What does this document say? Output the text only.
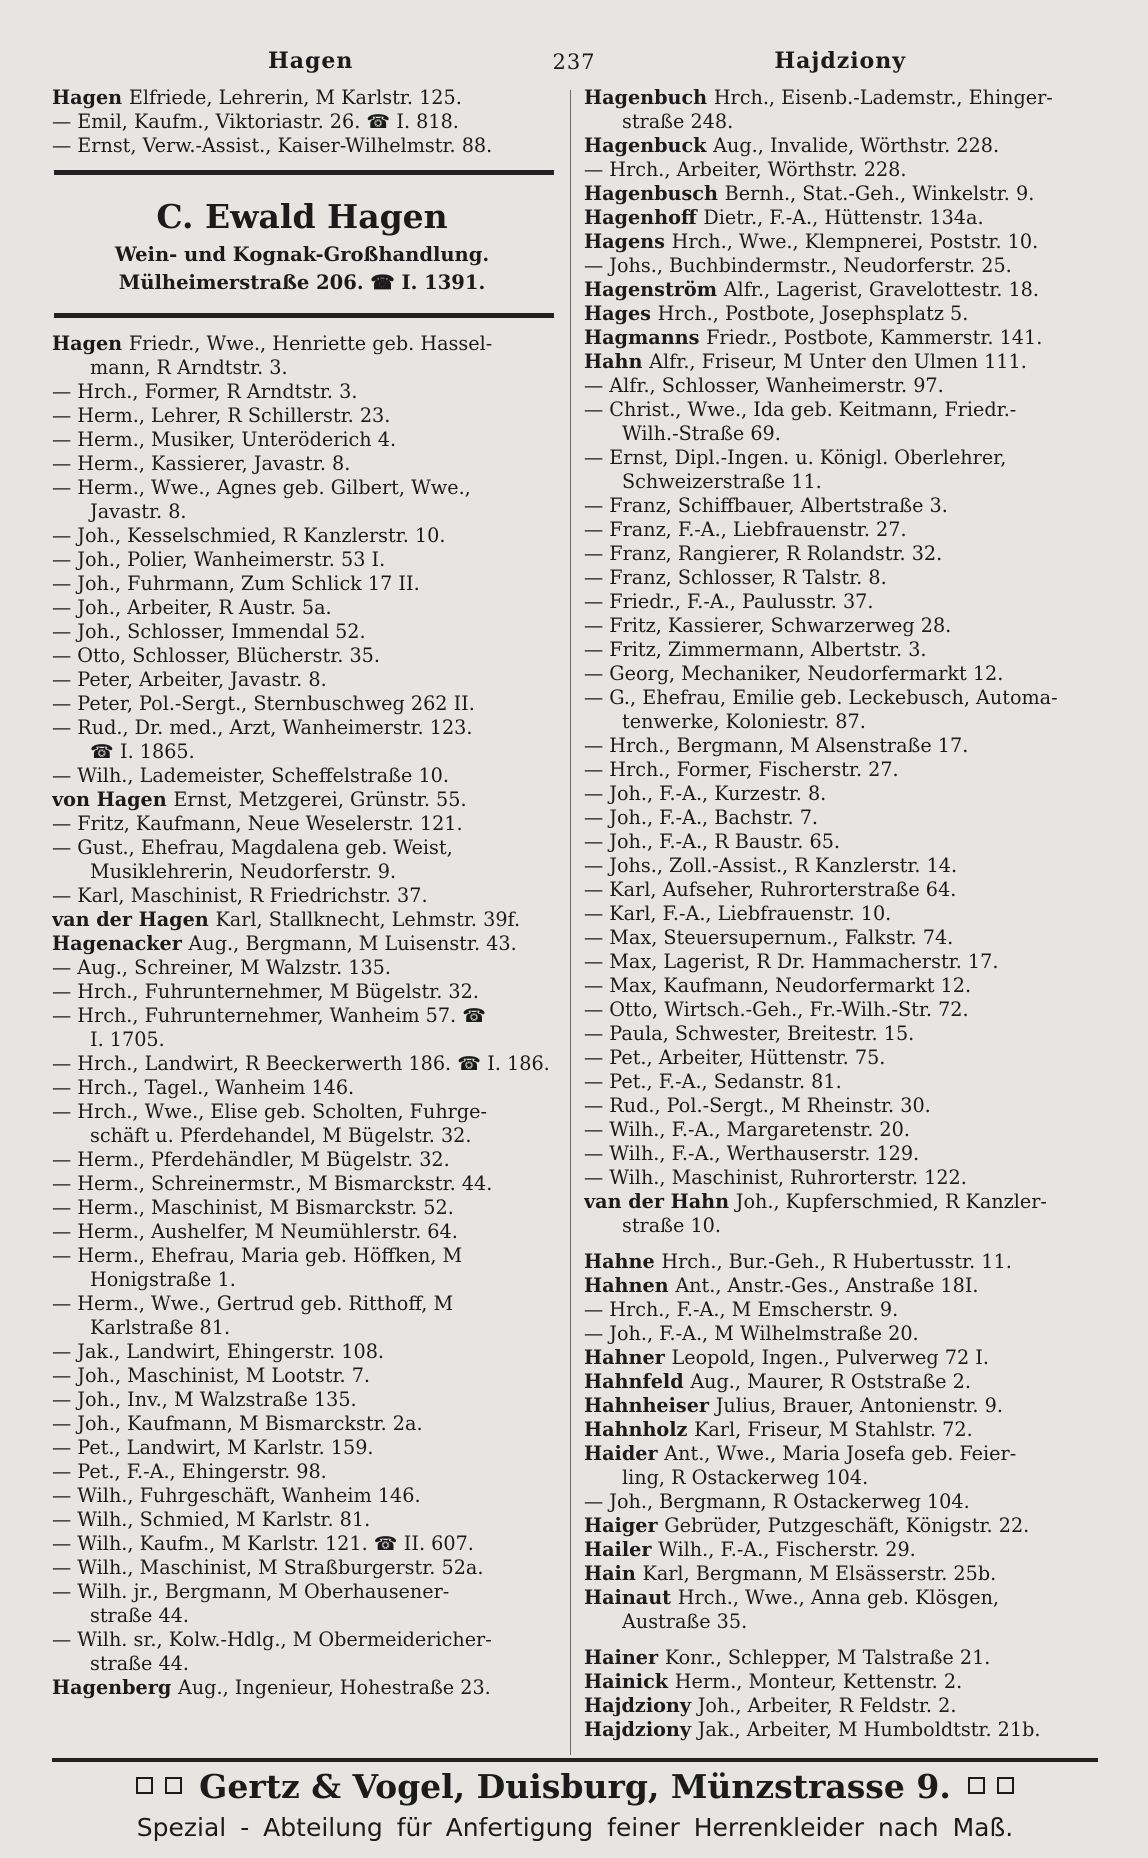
Hagen	237	Hajdziony
Hagen Elfriede, Lehrerin, M Karlstr. 125.
— Emil, Kaufm., Viktoriastr. 26. ☎ I. 818.
— Ernst, Verw.-Assist., Kaiser-Wilhelmstr. 88.
C. Ewald Hagen
Wein- und Kognak-Großhandlung.
Mülheimerstraße 206. ☎ I. 1391.
Hagen Friedr., Wwe., Henriette geb. Hassel-
mann, R Arndtstr. 3.
— Hrch., Former, R Arndtstr. 3.
— Herm., Lehrer, R Schillerstr. 23.
— Herm., Musiker, Unteröderich 4.
— Herm., Kassierer, Javastr. 8.
— Herm., Wwe., Agnes geb. Gilbert, Wwe.,
Javastr. 8.
— Joh., Kesselschmied, R Kanzlerstr. 10.
— Joh., Polier, Wanheimerstr. 53 I.
— Joh., Fuhrmann, Zum Schlick 17 II.
— Joh., Arbeiter, R Austr. 5a.
— Joh., Schlosser, Immendal 52.
— Otto, Schlosser, Blücherstr. 35.
— Peter, Arbeiter, Javastr. 8.
— Peter, Pol.-Sergt., Sternbuschweg 262 II.
— Rud., Dr. med., Arzt, Wanheimerstr. 123.
☎ I. 1865.
— Wilh., Lademeister, Scheffelstraße 10.
von Hagen Ernst, Metzgerei, Grünstr. 55.
— Fritz, Kaufmann, Neue Weselerstr. 121.
— Gust., Ehefrau, Magdalena geb. Weist,
Musiklehrerin, Neudorferstr. 9.
— Karl, Maschinist, R Friedrichstr. 37.
van der Hagen Karl, Stallknecht, Lehmstr. 39f.
Hagenacker Aug., Bergmann, M Luisenstr. 43.
— Aug., Schreiner, M Walzstr. 135.
— Hrch., Fuhrunternehmer, M Bügelstr. 32.
— Hrch., Fuhrunternehmer, Wanheim 57. ☎
I. 1705.
— Hrch., Landwirt, R Beeckerwerth 186. ☎ I. 186.
— Hrch., Tagel., Wanheim 146.
— Hrch., Wwe., Elise geb. Scholten, Fuhrge-
schäft u. Pferdehandel, M Bügelstr. 32.
— Herm., Pferdehändler, M Bügelstr. 32.
— Herm., Schreinermstr., M Bismarckstr. 44.
— Herm., Maschinist, M Bismarckstr. 52.
— Herm., Aushelfer, M Neumühlerstr. 64.
— Herm., Ehefrau, Maria geb. Höffken, M
Honigstraße 1.
— Herm., Wwe., Gertrud geb. Ritthoff, M
Karlstraße 81.
— Jak., Landwirt, Ehingerstr. 108.
— Joh., Maschinist, M Lootstr. 7.
— Joh., Inv., M Walzstraße 135.
— Joh., Kaufmann, M Bismarckstr. 2a.
— Pet., Landwirt, M Karlstr. 159.
— Pet., F.-A., Ehingerstr. 98.
— Wilh., Fuhrgeschäft, Wanheim 146.
— Wilh., Schmied, M Karlstr. 81.
— Wilh., Kaufm., M Karlstr. 121. ☎ II. 607.
— Wilh., Maschinist, M Straßburgerstr. 52a.
— Wilh. jr., Bergmann, M Oberhausener-
straße 44.
— Wilh. sr., Kolw.-Hdlg., M Obermeidericher-
straße 44.
Hagenberg Aug., Ingenieur, Hohestraße 23.
Hagenbuch Hrch., Eisenb.-Lademstr., Ehinger-
straße 248.
Hagenbuck Aug., Invalide, Wörthstr. 228.
— Hrch., Arbeiter, Wörthstr. 228.
Hagenbusch Bernh., Stat.-Geh., Winkelstr. 9.
Hagenhoff Dietr., F.-A., Hüttenstr. 134a.
Hagens Hrch., Wwe., Klempnerei, Poststr. 10.
— Johs., Buchbindermstr., Neudorferstr. 25.
Hagenström Alfr., Lagerist, Gravelottestr. 18.
Hages Hrch., Postbote, Josephsplatz 5.
Hagmanns Friedr., Postbote, Kammerstr. 141.
Hahn Alfr., Friseur, M Unter den Ulmen 111.
— Alfr., Schlosser, Wanheimerstr. 97.
— Christ., Wwe., Ida geb. Keitmann, Friedr.-
Wilh.-Straße 69.
— Ernst, Dipl.-Ingen. u. Königl. Oberlehrer,
Schweizerstraße 11.
— Franz, Schiffbauer, Albertstraße 3.
— Franz, F.-A., Liebfrauenstr. 27.
— Franz, Rangierer, R Rolandstr. 32.
— Franz, Schlosser, R Talstr. 8.
— Friedr., F.-A., Paulusstr. 37.
— Fritz, Kassierer, Schwarzerweg 28.
— Fritz, Zimmermann, Albertstr. 3.
— Georg, Mechaniker, Neudorfermarkt 12.
— G., Ehefrau, Emilie geb. Leckebusch, Automa-
tenwerke, Koloniestr. 87.
— Hrch., Bergmann, M Alsenstraße 17.
— Hrch., Former, Fischerstr. 27.
— Joh., F.-A., Kurzestr. 8.
— Joh., F.-A., Bachstr. 7.
— Joh., F.-A., R Baustr. 65.
— Johs., Zoll.-Assist., R Kanzlerstr. 14.
— Karl, Aufseher, Ruhrorterstraße 64.
— Karl, F.-A., Liebfrauenstr. 10.
— Max, Steuersupernum., Falkstr. 74.
— Max, Lagerist, R Dr. Hammacherstr. 17.
— Max, Kaufmann, Neudorfermarkt 12.
— Otto, Wirtsch.-Geh., Fr.-Wilh.-Str. 72.
— Paula, Schwester, Breitestr. 15.
— Pet., Arbeiter, Hüttenstr. 75.
— Pet., F.-A., Sedanstr. 81.
— Rud., Pol.-Sergt., M Rheinstr. 30.
— Wilh., F.-A., Margaretenstr. 20.
— Wilh., F.-A., Werthauserstr. 129.
— Wilh., Maschinist, Ruhrorterstr. 122.
van der Hahn Joh., Kupferschmied, R Kanzler-
straße 10.
Hahne Hrch., Bur.-Geh., R Hubertusstr. 11.
Hahnen Ant., Anstr.-Ges., Anstraße 18I.
— Hrch., F.-A., M Emscherstr. 9.
— Joh., F.-A., M Wilhelmstraße 20.
Hahner Leopold, Ingen., Pulverweg 72 I.
Hahnfeld Aug., Maurer, R Oststraße 2.
Hahnheiser Julius, Brauer, Antonienstr. 9.
Hahnholz Karl, Friseur, M Stahlstr. 72.
Haider Ant., Wwe., Maria Josefa geb. Feier-
ling, R Ostackerweg 104.
— Joh., Bergmann, R Ostackerweg 104.
Haiger Gebrüder, Putzgeschäft, Königstr. 22.
Hailer Wilh., F.-A., Fischerstr. 29.
Hain Karl, Bergmann, M Elsässerstr. 25b.
Hainaut Hrch., Wwe., Anna geb. Klösgen,
Austraße 35.
Hainer Konr., Schlepper, M Talstraße 21.
Hainick Herm., Monteur, Kettenstr. 2.
Hajdziony Joh., Arbeiter, R Feldstr. 2.
Hajdziony Jak., Arbeiter, M Humboldtstr. 21b.
Gertz & Vogel, Duisburg, Münzstrasse 9.
Spezial - Abteilung für Anfertigung feiner Herrenkleider nach Maß.
